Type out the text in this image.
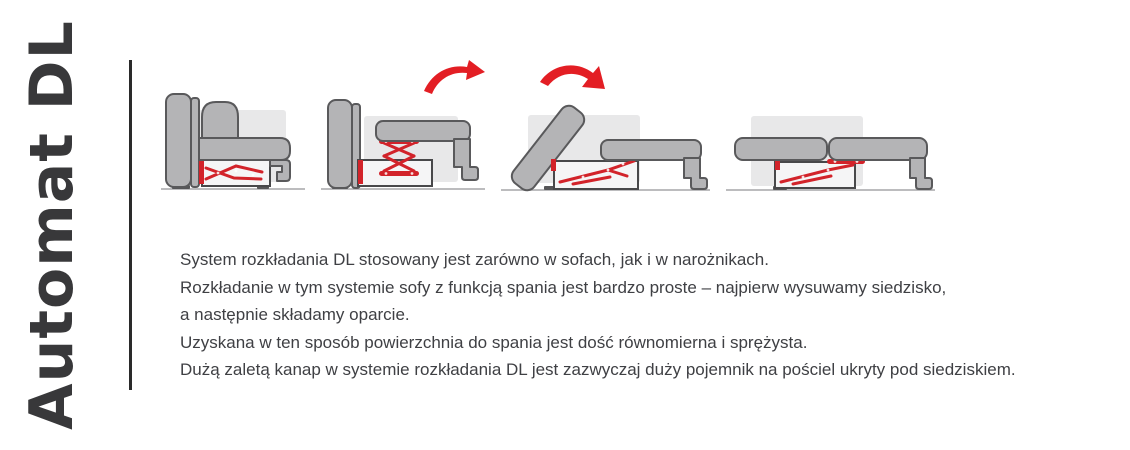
Automat DL	System rozkładania DL stosowany jest zarówno w sofach, jak i w narożnikach.

Rozkładanie w tym systemie sofy z funkcją spania jest bardzo proste – najpierw wysuwamy siedzisko,

a następnie składamy oparcie.

Uzyskana w ten sposób powierzchnia do spania jest dość równomierna i sprężysta.

Dużą zaletą kanap w systemie rozkładania DL jest zazwyczaj duży pojemnik na pościel ukryty pod siedziskiem.
